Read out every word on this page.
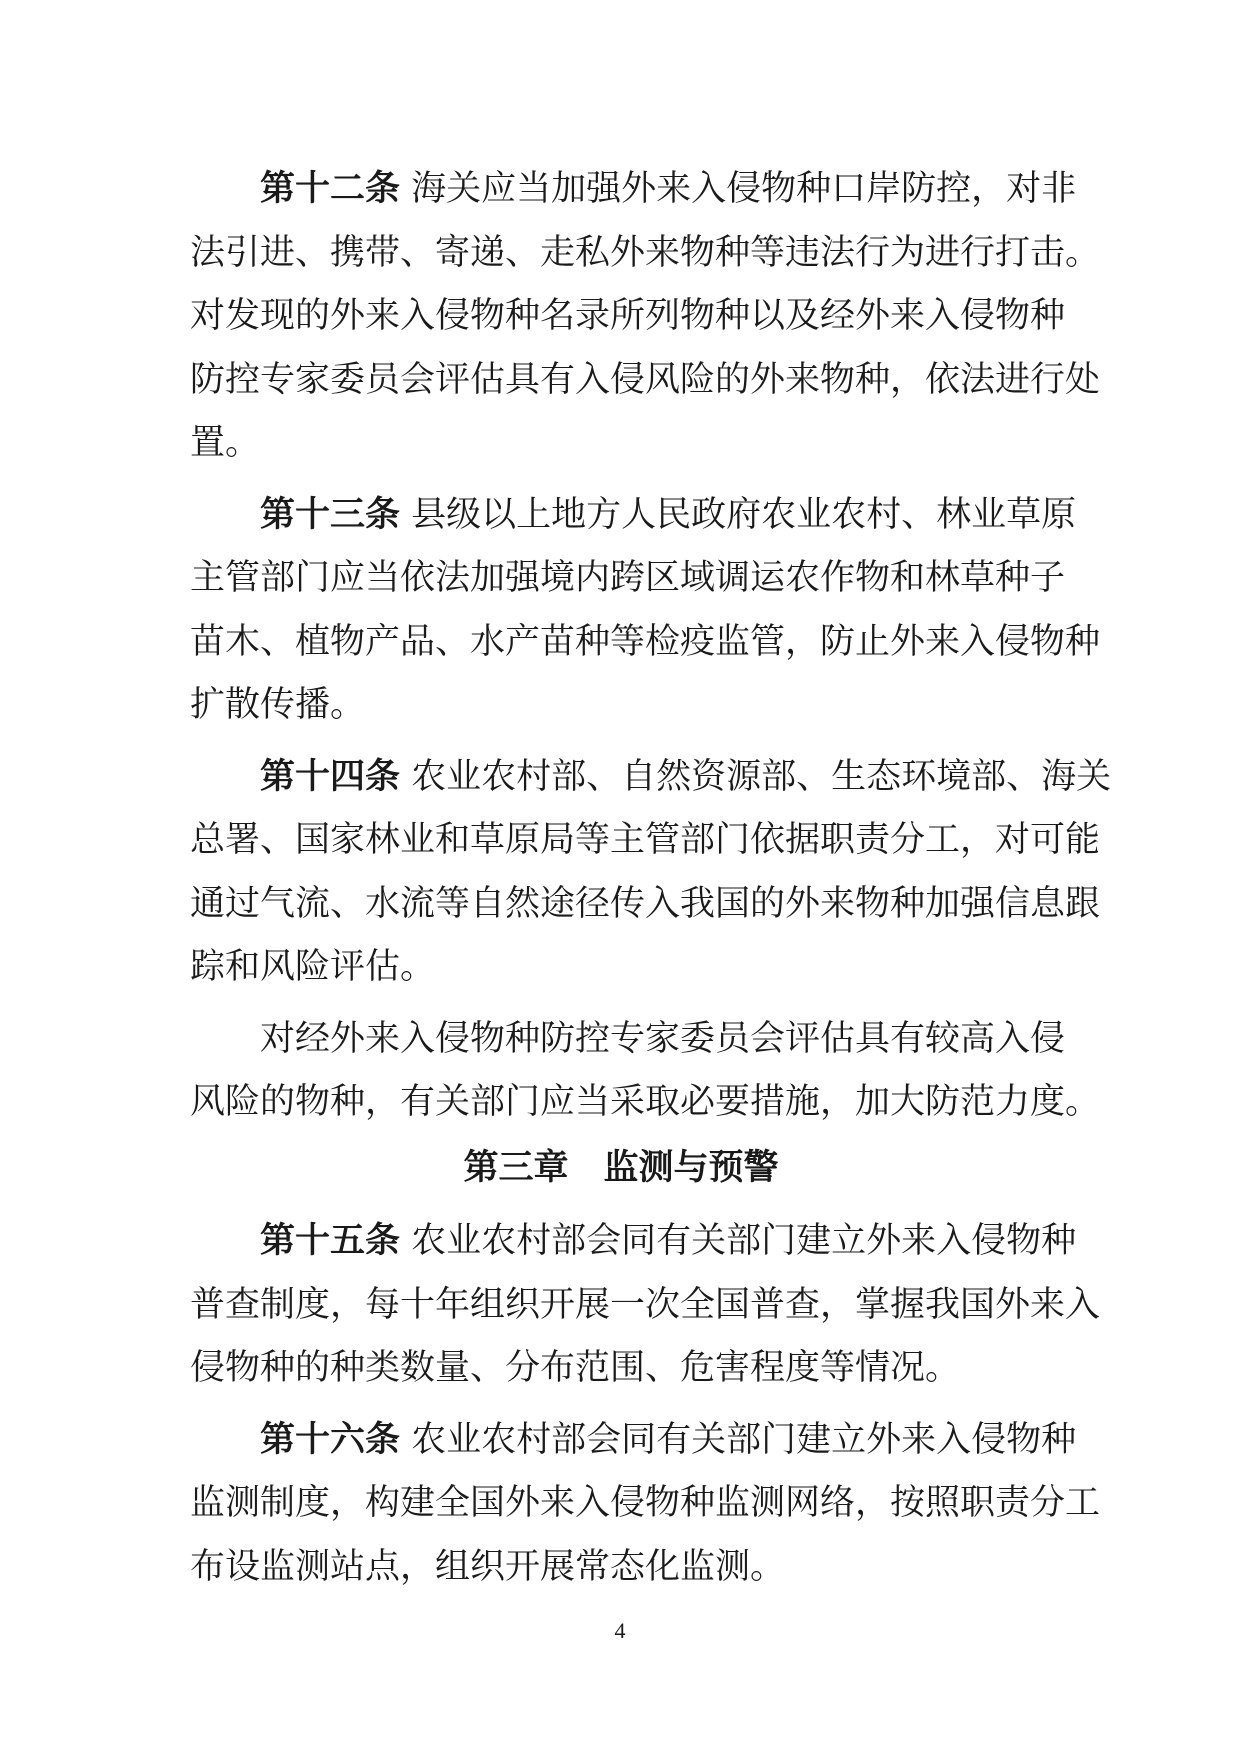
第十二条 海关应当加强外来入侵物种口岸防控，对非
法引进、携带、寄递、走私外来物种等违法行为进行打击。
对发现的外来入侵物种名录所列物种以及经外来入侵物种
防控专家委员会评估具有入侵风险的外来物种，依法进行处
置。
第十三条 县级以上地方人民政府农业农村、林业草原
主管部门应当依法加强境内跨区域调运农作物和林草种子
苗木、植物产品、水产苗种等检疫监管，防止外来入侵物种
扩散传播。
第十四条 农业农村部、自然资源部、生态环境部、海关
总署、国家林业和草原局等主管部门依据职责分工，对可能
通过气流、水流等自然途径传入我国的外来物种加强信息跟
踪和风险评估。
对经外来入侵物种防控专家委员会评估具有较高入侵
风险的物种，有关部门应当采取必要措施，加大防范力度。
第三章　监测与预警
第十五条 农业农村部会同有关部门建立外来入侵物种
普查制度，每十年组织开展一次全国普查，掌握我国外来入
侵物种的种类数量、分布范围、危害程度等情况。
第十六条 农业农村部会同有关部门建立外来入侵物种
监测制度，构建全国外来入侵物种监测网络，按照职责分工
布设监测站点，组织开展常态化监测。
4
